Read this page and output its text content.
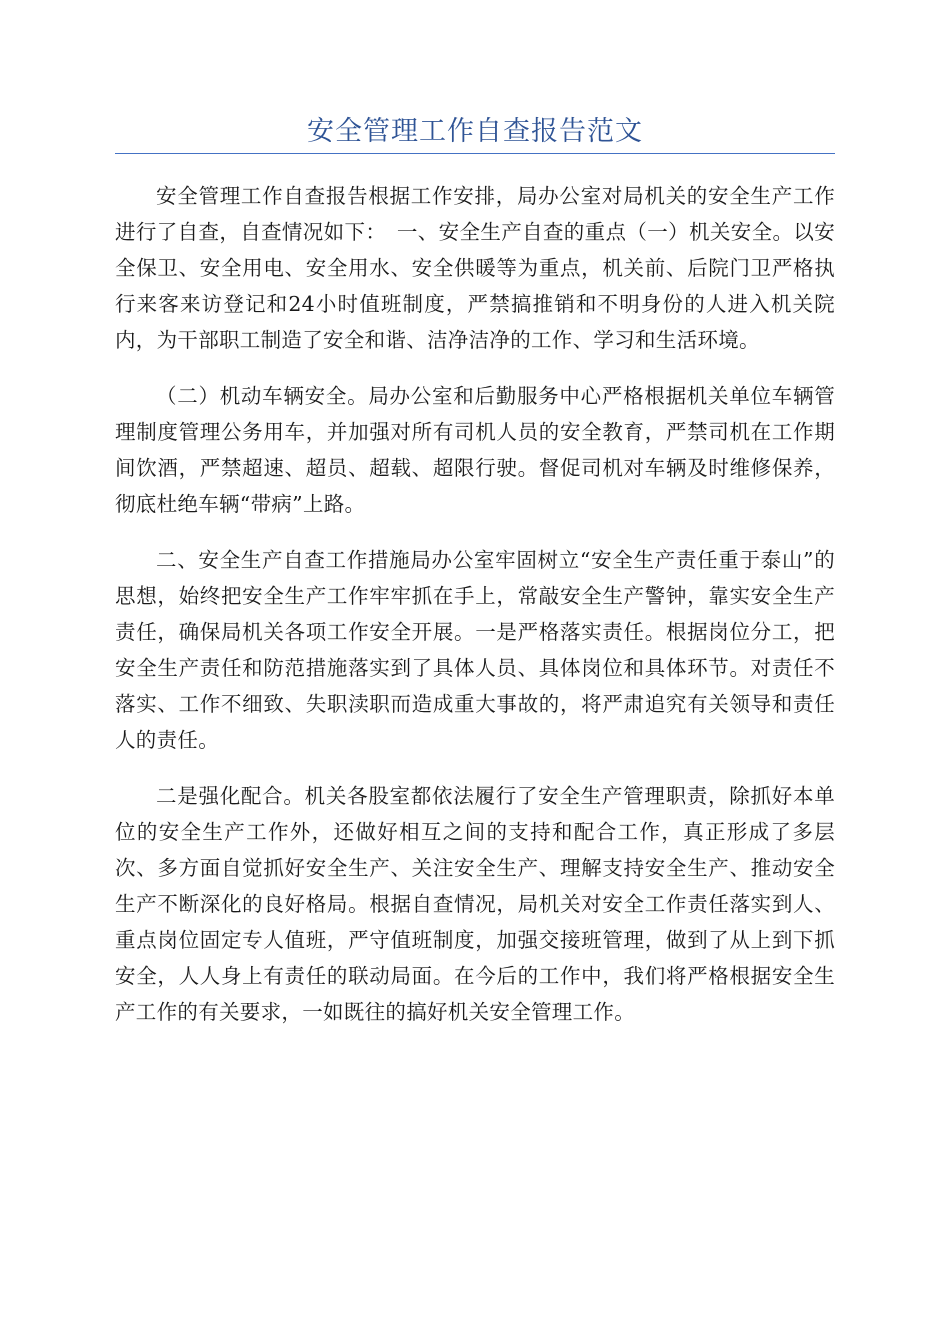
安全管理工作自查报告范文

安全管理工作自查报告根据工作安排，局办公室对局机关的安全生产工作进行了自查，自查情况如下：　一、安全生产自查的重点（一）机关安全。以安全保卫、安全用电、安全用水、安全供暖等为重点，机关前、后院门卫严格执行来客来访登记和24小时值班制度，严禁搞推销和不明身份的人进入机关院内，为干部职工制造了安全和谐、洁净洁净的工作、学习和生活环境。

（二）机动车辆安全。局办公室和后勤服务中心严格根据机关单位车辆管理制度管理公务用车，并加强对所有司机人员的安全教育，严禁司机在工作期间饮酒，严禁超速、超员、超载、超限行驶。督促司机对车辆及时维修保养，彻底杜绝车辆“带病”上路。

二、安全生产自查工作措施局办公室牢固树立“安全生产责任重于泰山”的思想，始终把安全生产工作牢牢抓在手上，常敲安全生产警钟，靠实安全生产责任，确保局机关各项工作安全开展。一是严格落实责任。根据岗位分工，把安全生产责任和防范措施落实到了具体人员、具体岗位和具体环节。对责任不落实、工作不细致、失职渎职而造成重大事故的，将严肃追究有关领导和责任人的责任。

二是强化配合。机关各股室都依法履行了安全生产管理职责，除抓好本单位的安全生产工作外，还做好相互之间的支持和配合工作，真正形成了多层次、多方面自觉抓好安全生产、关注安全生产、理解支持安全生产、推动安全生产不断深化的良好格局。根据自查情况，局机关对安全工作责任落实到人、重点岗位固定专人值班，严守值班制度，加强交接班管理，做到了从上到下抓安全，人人身上有责任的联动局面。在今后的工作中，我们将严格根据安全生产工作的有关要求，一如既往的搞好机关安全管理工作。
